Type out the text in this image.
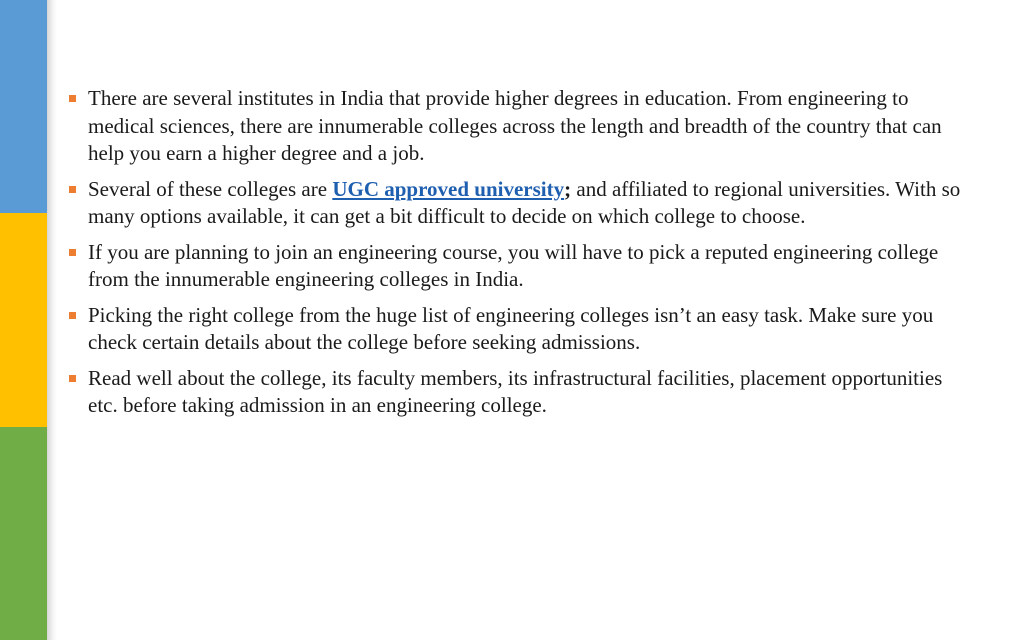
There are several institutes in India that provide higher degrees in education. From engineering to medical sciences, there are innumerable colleges across the length and breadth of the country that can help you earn a higher degree and a job.
Several of these colleges are UGC approved university; and affiliated to regional universities. With so many options available, it can get a bit difficult to decide on which college to choose.
If you are planning to join an engineering course, you will have to pick a reputed engineering college from the innumerable engineering colleges in India.
Picking the right college from the huge list of engineering colleges isn’t an easy task. Make sure you check certain details about the college before seeking admissions.
Read well about the college, its faculty members, its infrastructural facilities, placement opportunities etc. before taking admission in an engineering college.
